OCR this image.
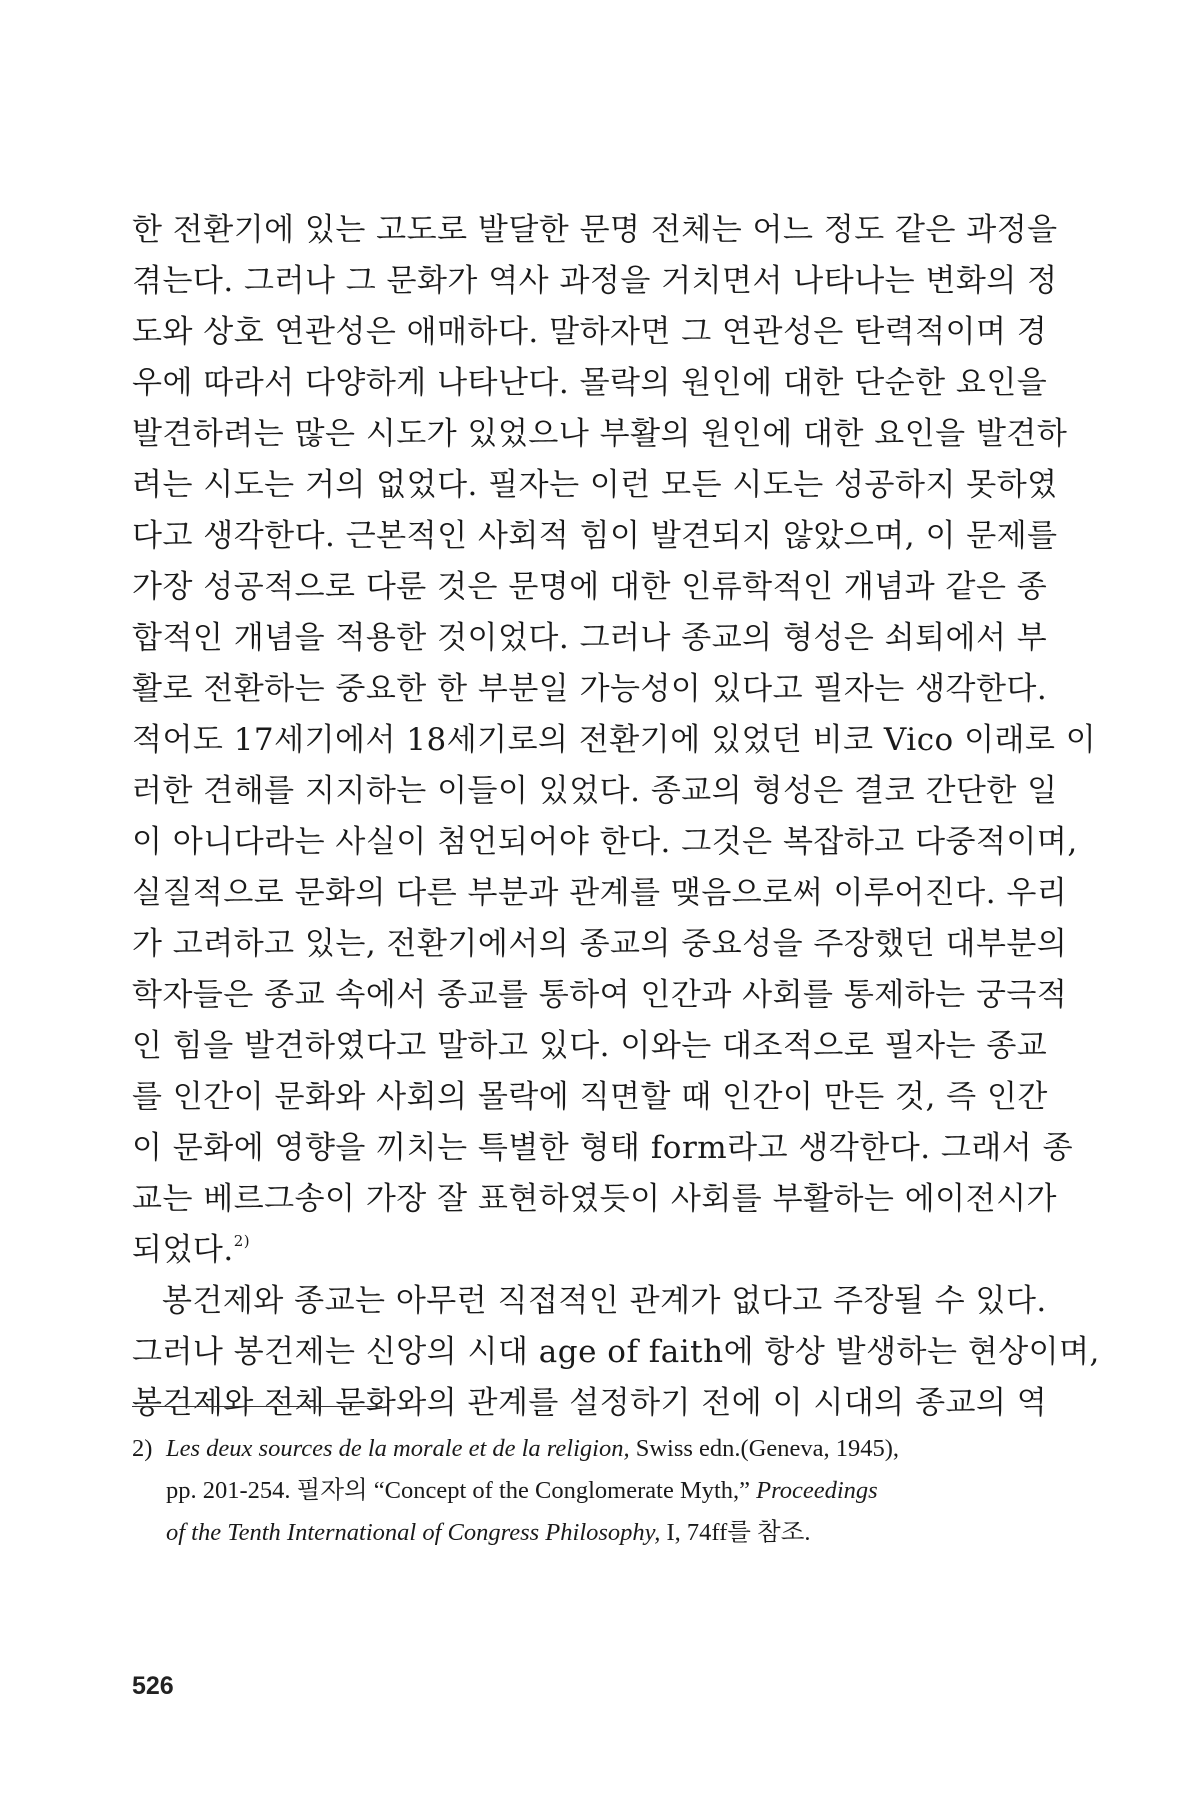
한 전환기에 있는 고도로 발달한 문명 전체는 어느 정도 같은 과정을
겪는다. 그러나 그 문화가 역사 과정을 거치면서 나타나는 변화의 정
도와 상호 연관성은 애매하다. 말하자면 그 연관성은 탄력적이며 경
우에 따라서 다양하게 나타난다. 몰락의 원인에 대한 단순한 요인을
발견하려는 많은 시도가 있었으나 부활의 원인에 대한 요인을 발견하
려는 시도는 거의 없었다. 필자는 이런 모든 시도는 성공하지 못하였
다고 생각한다. 근본적인 사회적 힘이 발견되지 않았으며, 이 문제를
가장 성공적으로 다룬 것은 문명에 대한 인류학적인 개념과 같은 종
합적인 개념을 적용한 것이었다. 그러나 종교의 형성은 쇠퇴에서 부
활로 전환하는 중요한 한 부분일 가능성이 있다고 필자는 생각한다.
적어도 17세기에서 18세기로의 전환기에 있었던 비코 Vico 이래로 이
러한 견해를 지지하는 이들이 있었다. 종교의 형성은 결코 간단한 일
이 아니다라는 사실이 첨언되어야 한다. 그것은 복잡하고 다중적이며,
실질적으로 문화의 다른 부분과 관계를 맺음으로써 이루어진다. 우리
가 고려하고 있는, 전환기에서의 종교의 중요성을 주장했던 대부분의
학자들은 종교 속에서 종교를 통하여 인간과 사회를 통제하는 궁극적
인 힘을 발견하였다고 말하고 있다. 이와는 대조적으로 필자는 종교
를 인간이 문화와 사회의 몰락에 직면할 때 인간이 만든 것, 즉 인간
이 문화에 영향을 끼치는 특별한 형태 form라고 생각한다. 그래서 종
교는 베르그송이 가장 잘 표현하였듯이 사회를 부활하는 에이전시가
되었다.$^{2)}$

봉건제와 종교는 아무런 직접적인 관계가 없다고 주장될 수 있다.
그러나 봉건제는 신앙의 시대 age of faith에 항상 발생하는 현상이며,
봉건제와 전체 문화와의 관계를 설정하기 전에 이 시대의 종교의 역

2) Les deux sources de la morale et de la religion, Swiss edn.(Geneva, 1945),
pp. 201-254. 필자의 “Concept of the Conglomerate Myth,” Proceedings
of the Tenth International of Congress Philosophy, I, 74ff를 참조.
526
